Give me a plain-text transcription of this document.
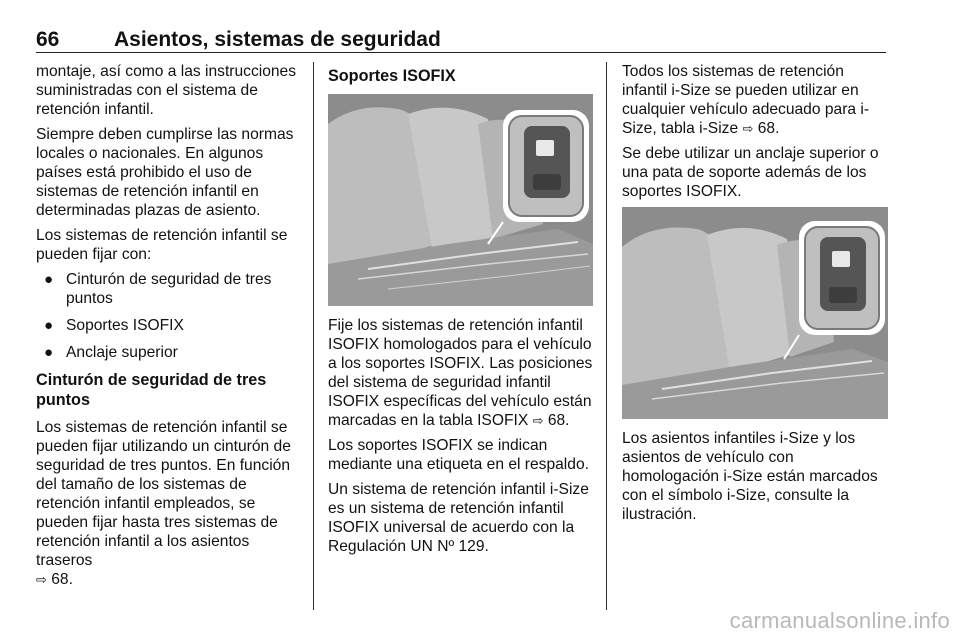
66	Asientos, sistemas de seguridad

montaje, así como a las instrucciones suministradas con el sistema de retención infantil.

Siempre deben cumplirse las normas locales o nacionales. En algunos países está prohibido el uso de sistemas de retención infantil en determinadas plazas de asiento.

Los sistemas de retención infantil se pueden fijar con:

● Cinturón de seguridad de tres puntos
● Soportes ISOFIX
● Anclaje superior
Cinturón de seguridad de tres puntos

Los sistemas de retención infantil se pueden fijar utilizando un cinturón de seguridad de tres puntos. En función del tamaño de los sistemas de retención infantil empleados, se pueden fijar hasta tres sistemas de retención infantil a los asientos traseros
⇨ 68.

Soportes ISOFIX

Fije los sistemas de retención infantil ISOFIX homologados para el vehículo a los soportes ISOFIX. Las posiciones del sistema de seguridad infantil ISOFIX específicas del vehículo están marcadas en la tabla ISOFIX ⇨ 68.

Los soportes ISOFIX se indican mediante una etiqueta en el respaldo.

Un sistema de retención infantil i-Size es un sistema de retención infantil ISOFIX universal de acuerdo con la Regulación UN Nº 129.

Todos los sistemas de retención infantil i-Size se pueden utilizar en cualquier vehículo adecuado para i-Size, tabla i-Size ⇨ 68.

Se debe utilizar un anclaje superior o una pata de soporte además de los soportes ISOFIX.

Los asientos infantiles i-Size y los asientos de vehículo con homologación i-Size están marcados con el símbolo i-Size, consulte la ilustración.

carmanualsonline.info
